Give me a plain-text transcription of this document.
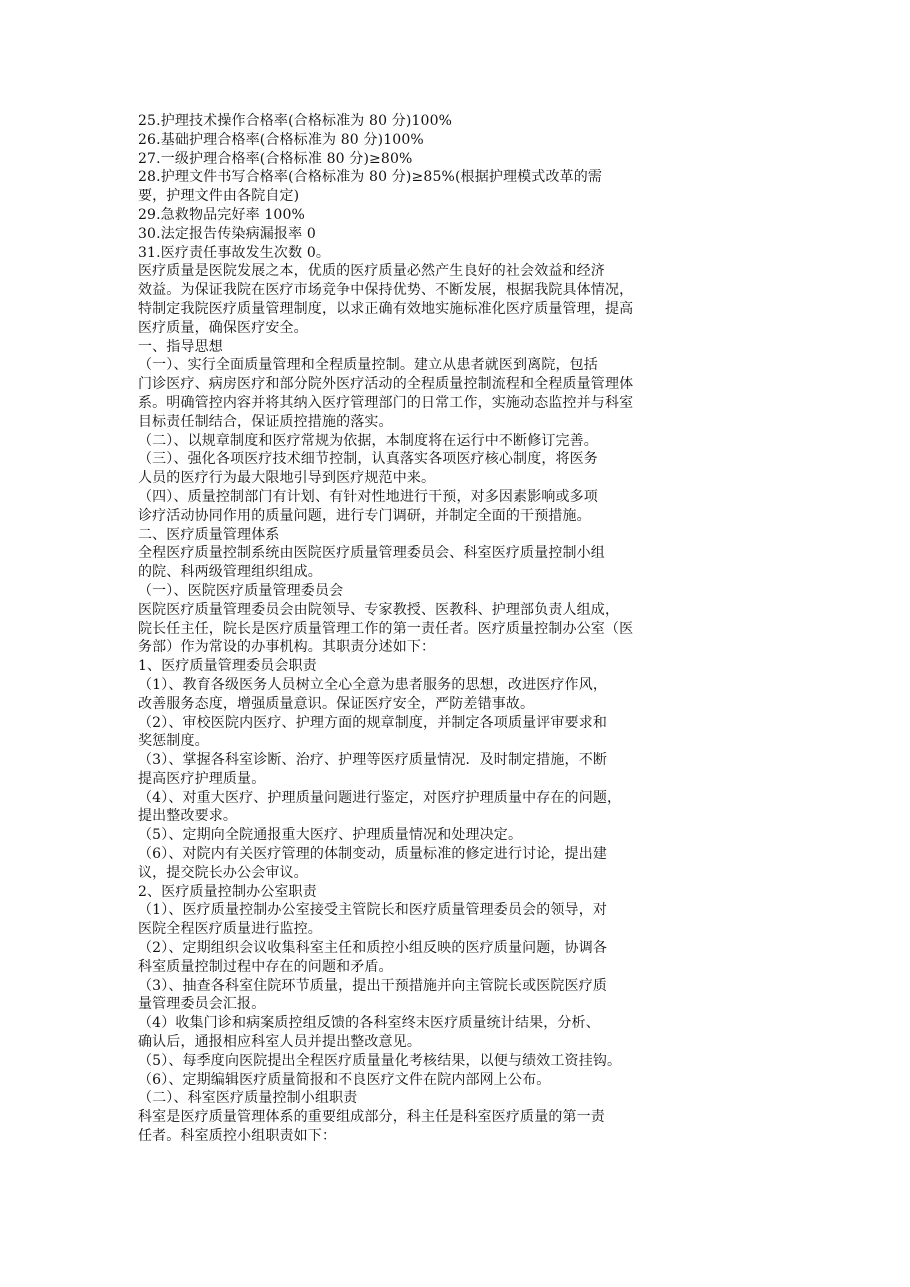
25.护理技术操作合格率(合格标准为 80 分)100%
26.基础护理合格率(合格标准为 80 分)100%
27.一级护理合格率(合格标准 80 分)≥80%
28.护理文件书写合格率(合格标准为 80 分)≥85%(根据护理模式改革的需
要，护理文件由各院自定)
29.急救物品完好率 100%
30.法定报告传染病漏报率 0
31.医疗责任事故发生次数 0。
医疗质量是医院发展之本，优质的医疗质量必然产生良好的社会效益和经济
效益。为保证我院在医疗市场竞争中保持优势、不断发展，根据我院具体情况，
特制定我院医疗质量管理制度，以求正确有效地实施标准化医疗质量管理，提高
医疗质量，确保医疗安全。
一、指导思想
（一）、实行全面质量管理和全程质量控制。建立从患者就医到离院，包括
门诊医疗、病房医疗和部分院外医疗活动的全程质量控制流程和全程质量管理体
系。明确管控内容并将其纳入医疗管理部门的日常工作，实施动态监控并与科室
目标责任制结合，保证质控措施的落实。
（二）、以规章制度和医疗常规为依据，本制度将在运行中不断修订完善。
（三）、强化各项医疗技术细节控制，认真落实各项医疗核心制度，将医务
人员的医疗行为最大限地引导到医疗规范中来。
（四）、质量控制部门有计划、有针对性地进行干预，对多因素影响或多项
诊疗活动协同作用的质量问题，进行专门调研，并制定全面的干预措施。
二、医疗质量管理体系
全程医疗质量控制系统由医院医疗质量管理委员会、科室医疗质量控制小组
的院、科两级管理组织组成。
（一）、医院医疗质量管理委员会
医院医疗质量管理委员会由院领导、专家教授、医教科、护理部负责人组成，
院长任主任，院长是医疗质量管理工作的第一责任者。医疗质量控制办公室（医
务部）作为常设的办事机构。其职责分述如下：
1、医疗质量管理委员会职责
（1）、教育各级医务人员树立全心全意为患者服务的思想，改进医疗作风，
改善服务态度，增强质量意识。保证医疗安全，严防差错事故。
（2）、审校医院内医疗、护理方面的规章制度，并制定各项质量评审要求和
奖惩制度。
（3）、掌握各科室诊断、治疗、护理等医疗质量情况．及时制定措施，不断
提高医疗护理质量。
（4）、对重大医疗、护理质量问题进行鉴定，对医疗护理质量中存在的问题，
提出整改要求。
（5）、定期向全院通报重大医疗、护理质量情况和处理决定。
（6）、对院内有关医疗管理的体制变动，质量标准的修定进行讨论，提出建
议，提交院长办公会审议。
2、医疗质量控制办公室职责
（1）、医疗质量控制办公室接受主管院长和医疗质量管理委员会的领导，对
医院全程医疗质量进行监控。
（2）、定期组织会议收集科室主任和质控小组反映的医疗质量问题，协调各
科室质量控制过程中存在的问题和矛盾。
（3）、抽查各科室住院环节质量，提出干预措施并向主管院长或医院医疗质
量管理委员会汇报。
（4）收集门诊和病案质控组反馈的各科室终末医疗质量统计结果，分析、
确认后，通报相应科室人员并提出整改意见。
（5）、每季度向医院提出全程医疗质量量化考核结果，以便与绩效工资挂钩。
（6）、定期编辑医疗质量简报和不良医疗文件在院内部网上公布。
（二）、科室医疗质量控制小组职责
科室是医疗质量管理体系的重要组成部分，科主任是科室医疗质量的第一责
任者。科室质控小组职责如下：
